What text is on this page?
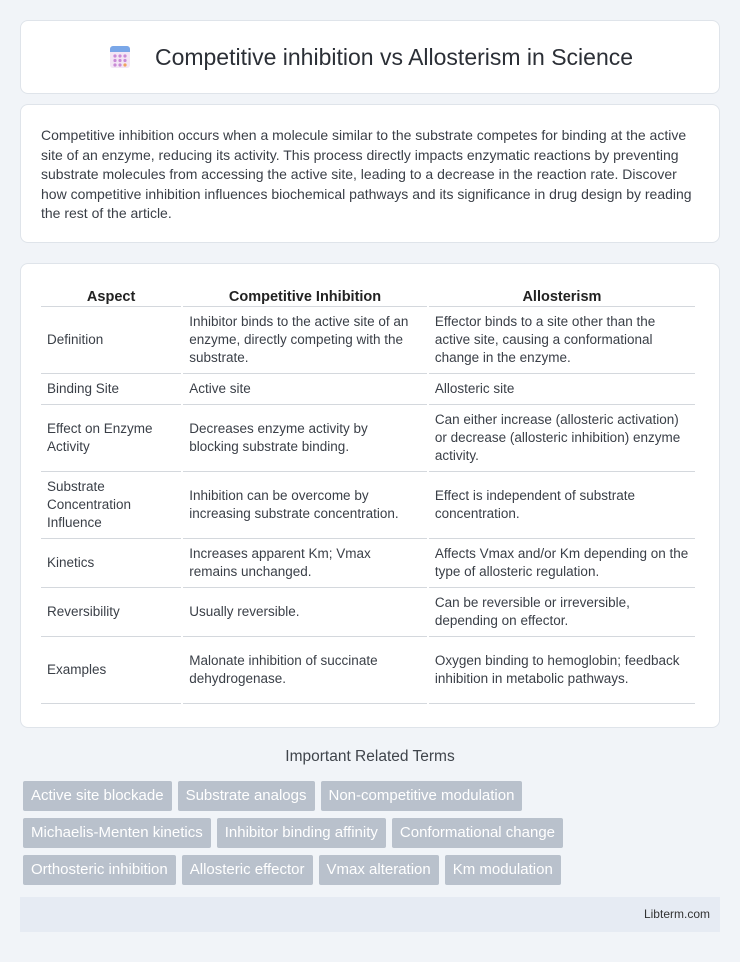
Competitive inhibition vs Allosterism in Science

Competitive inhibition occurs when a molecule similar to the substrate competes for binding at the active site of an enzyme, reducing its activity. This process directly impacts enzymatic reactions by preventing substrate molecules from accessing the active site, leading to a decrease in the reaction rate. Discover how competitive inhibition influences biochemical pathways and its significance in drug design by reading the rest of the article.

Aspect	Competitive Inhibition	Allosterism
Definition	Inhibitor binds to the active site of an enzyme, directly competing with the substrate.	Effector binds to a site other than the active site, causing a conformational change in the enzyme.
Binding Site	Active site	Allosteric site
Effect on Enzyme Activity	Decreases enzyme activity by blocking substrate binding.	Can either increase (allosteric activation) or decrease (allosteric inhibition) enzyme activity.
Substrate Concentration Influence	Inhibition can be overcome by increasing substrate concentration.	Effect is independent of substrate concentration.
Kinetics	Increases apparent Km; Vmax remains unchanged.	Affects Vmax and/or Km depending on the type of allosteric regulation.
Reversibility	Usually reversible.	Can be reversible or irreversible, depending on effector.
Examples	Malonate inhibition of succinate dehydrogenase.	Oxygen binding to hemoglobin; feedback inhibition in metabolic pathways.
Important Related Terms
Active site blockade	Substrate analogs	Non-competitive modulation
Michaelis-Menten kinetics	Inhibitor binding affinity	Conformational change
Orthosteric inhibition	Allosteric effector	Vmax alteration	Km modulation
Libterm.com
